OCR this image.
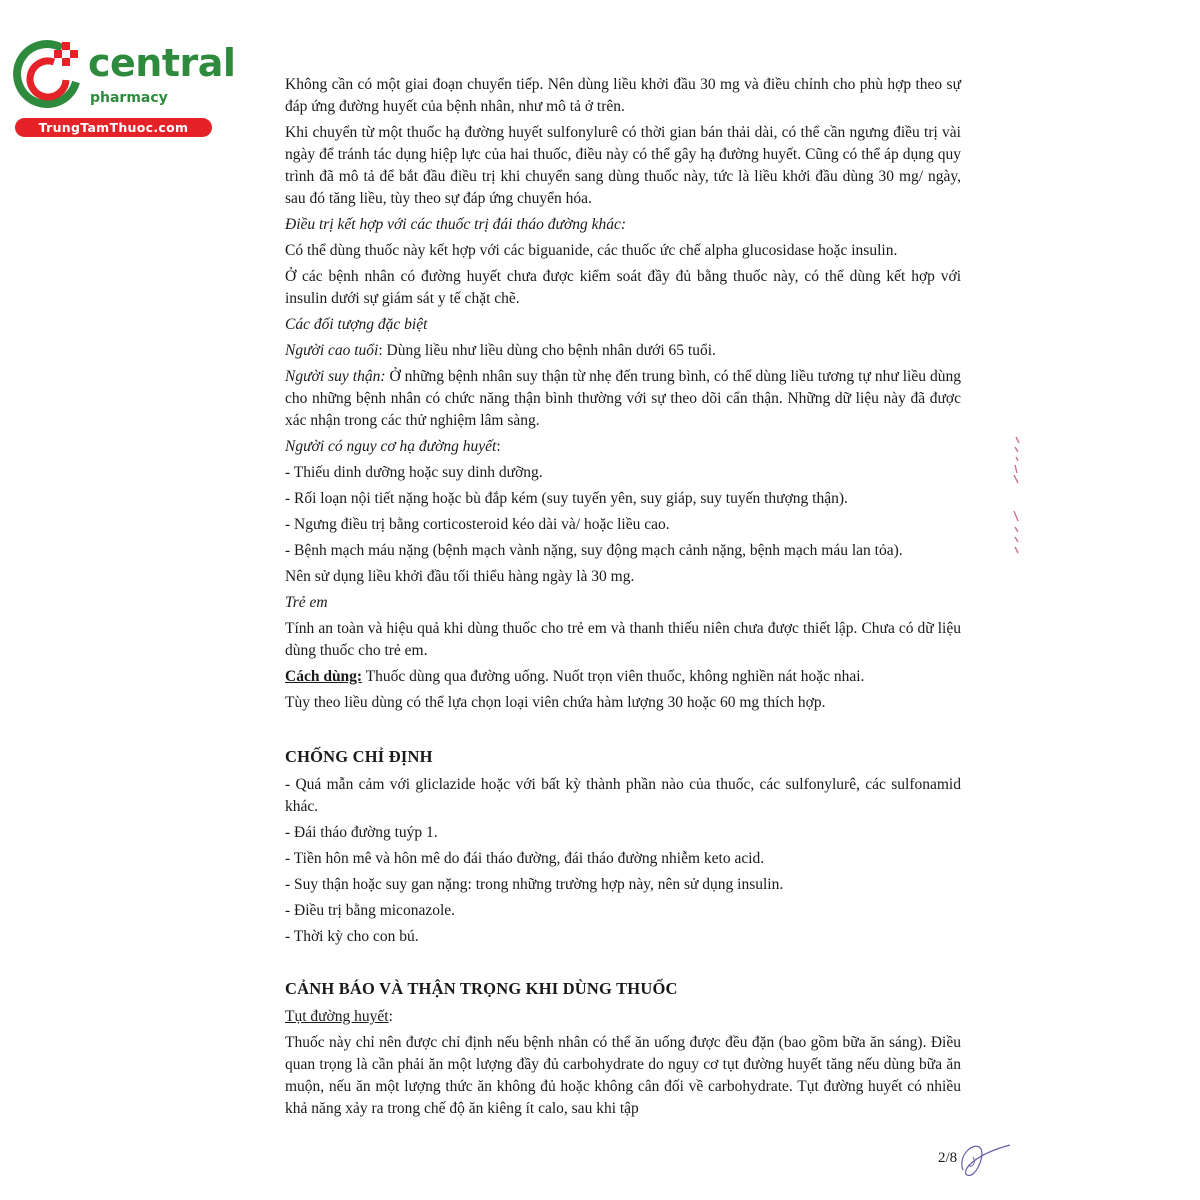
central
pharmacy
TrungTamThuoc.com

Không cần có một giai đoạn chuyển tiếp. Nên dùng liều khởi đầu 30 mg và điều chỉnh cho phù hợp theo sự đáp ứng đường huyết của bệnh nhân, như mô tả ở trên.

Khi chuyển từ một thuốc hạ đường huyết sulfonylurê có thời gian bán thải dài, có thể cần ngưng điều trị vài ngày để tránh tác dụng hiệp lực của hai thuốc, điều này có thể gây hạ đường huyết. Cũng có thể áp dụng quy trình đã mô tả để bắt đầu điều trị khi chuyển sang dùng thuốc này, tức là liều khởi đầu dùng 30 mg/ ngày, sau đó tăng liều, tùy theo sự đáp ứng chuyển hóa.

Điều trị kết hợp với các thuốc trị đái tháo đường khác:

Có thể dùng thuốc này kết hợp với các biguanide, các thuốc ức chế alpha glucosidase hoặc insulin.

Ở các bệnh nhân có đường huyết chưa được kiểm soát đầy đủ bằng thuốc này, có thể dùng kết hợp với insulin dưới sự giám sát y tế chặt chẽ.

Các đối tượng đặc biệt

Người cao tuổi: Dùng liều như liều dùng cho bệnh nhân dưới 65 tuổi.

Người suy thận: Ở những bệnh nhân suy thận từ nhẹ đến trung bình, có thể dùng liều tương tự như liều dùng cho những bệnh nhân có chức năng thận bình thường với sự theo dõi cẩn thận. Những dữ liệu này đã được xác nhận trong các thử nghiệm lâm sàng.

Người có nguy cơ hạ đường huyết:

- Thiếu dinh dưỡng hoặc suy dinh dưỡng.

- Rối loạn nội tiết nặng hoặc bù đắp kém (suy tuyến yên, suy giáp, suy tuyến thượng thận).

- Ngưng điều trị bằng corticosteroid kéo dài và/ hoặc liều cao.

- Bệnh mạch máu nặng (bệnh mạch vành nặng, suy động mạch cảnh nặng, bệnh mạch máu lan tỏa).

Nên sử dụng liều khởi đầu tối thiểu hàng ngày là 30 mg.

Trẻ em

Tính an toàn và hiệu quả khi dùng thuốc cho trẻ em và thanh thiếu niên chưa được thiết lập. Chưa có dữ liệu dùng thuốc cho trẻ em.

Cách dùng: Thuốc dùng qua đường uống. Nuốt trọn viên thuốc, không nghiền nát hoặc nhai.

Tùy theo liều dùng có thể lựa chọn loại viên chứa hàm lượng 30 hoặc 60 mg thích hợp.

CHỐNG CHỈ ĐỊNH

- Quá mẫn cảm với gliclazide hoặc với bất kỳ thành phần nào của thuốc, các sulfonylurê, các sulfonamid khác.

- Đái tháo đường tuýp 1.

- Tiền hôn mê và hôn mê do đái tháo đường, đái tháo đường nhiễm keto acid.

- Suy thận hoặc suy gan nặng: trong những trường hợp này, nên sử dụng insulin.

- Điều trị bằng miconazole.

- Thời kỳ cho con bú.

CẢNH BÁO VÀ THẬN TRỌNG KHI DÙNG THUỐC

Tụt đường huyết:

Thuốc này chỉ nên được chỉ định nếu bệnh nhân có thể ăn uống được đều đặn (bao gồm bữa ăn sáng). Điều quan trọng là cần phải ăn một lượng đầy đủ carbohydrate do nguy cơ tụt đường huyết tăng nếu dùng bữa ăn muộn, nếu ăn một lượng thức ăn không đủ hoặc không cân đối về carbohydrate. Tụt đường huyết có nhiều khả năng xảy ra trong chế độ ăn kiêng ít calo, sau khi tập

2/8
